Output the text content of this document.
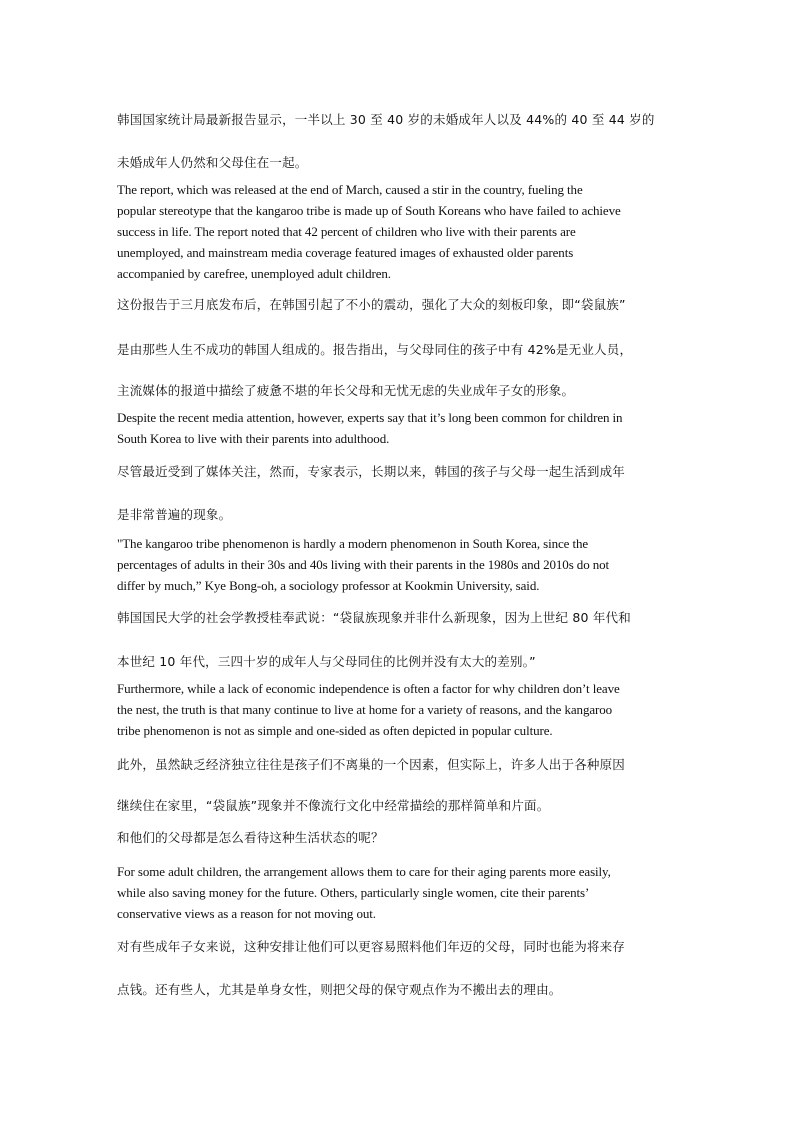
韩国国家统计局最新报告显示，一半以上 30 至 40 岁的未婚成年人以及 44%的 40 至 44 岁的
未婚成年人仍然和父母住在一起。
The report, which was released at the end of March, caused a stir in the country, fueling the
popular stereotype that the kangaroo tribe is made up of South Koreans who have failed to achieve
success in life. The report noted that 42 percent of children who live with their parents are
unemployed, and mainstream media coverage featured images of exhausted older parents
accompanied by carefree, unemployed adult children.
这份报告于三月底发布后，在韩国引起了不小的震动，强化了大众的刻板印象，即“袋鼠族”
是由那些人生不成功的韩国人组成的。报告指出，与父母同住的孩子中有 42%是无业人员，
主流媒体的报道中描绘了疲惫不堪的年长父母和无忧无虑的失业成年子女的形象。
Despite the recent media attention, however, experts say that it’s long been common for children in
South Korea to live with their parents into adulthood.
尽管最近受到了媒体关注，然而，专家表示，长期以来，韩国的孩子与父母一起生活到成年
是非常普遍的现象。
"The kangaroo tribe phenomenon is hardly a modern phenomenon in South Korea, since the
percentages of adults in their 30s and 40s living with their parents in the 1980s and 2010s do not
differ by much,” Kye Bong-oh, a sociology professor at Kookmin University, said.
韩国国民大学的社会学教授桂奉武说：“袋鼠族现象并非什么新现象，因为上世纪 80 年代和
本世纪 10 年代，三四十岁的成年人与父母同住的比例并没有太大的差别。”
Furthermore, while a lack of economic independence is often a factor for why children don’t leave
the nest, the truth is that many continue to live at home for a variety of reasons, and the kangaroo
tribe phenomenon is not as simple and one-sided as often depicted in popular culture.
此外，虽然缺乏经济独立往往是孩子们不离巢的一个因素，但实际上，许多人出于各种原因
继续住在家里，“袋鼠族”现象并不像流行文化中经常描绘的那样简单和片面。
和他们的父母都是怎么看待这种生活状态的呢？
For some adult children, the arrangement allows them to care for their aging parents more easily,
while also saving money for the future. Others, particularly single women, cite their parents’
conservative views as a reason for not moving out.
对有些成年子女来说，这种安排让他们可以更容易照料他们年迈的父母，同时也能为将来存
点钱。还有些人，尤其是单身女性，则把父母的保守观点作为不搬出去的理由。
